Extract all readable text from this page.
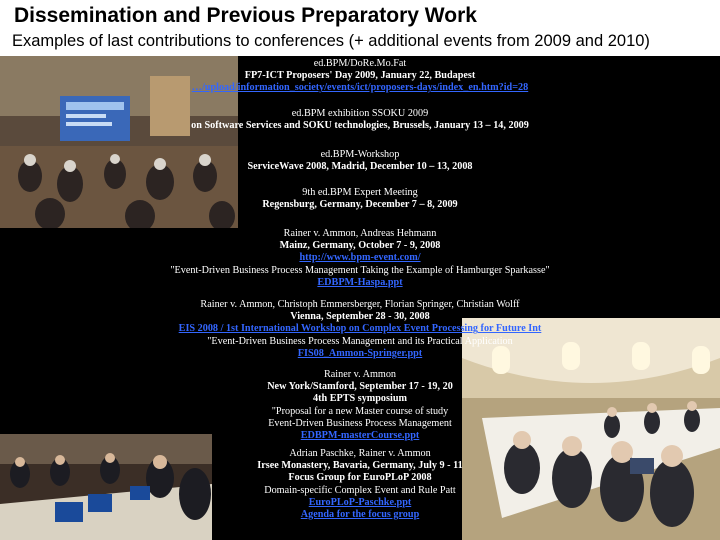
Dissemination and Previous Preparatory Work
Examples of last contributions to conferences (+ additional events from 2009 and 2010)
ed.BPM/DoRe.Mo.Fat
FP7-ICT Proposers' Day 2009, January 22, Budapest
…/upload/information_society/events/ict/proposers-days/index_en.htm?id=28
ed.BPM exhibition SSOKU 2009
on Software Services and SOKU technologies, Brussels, January 13 – 14, 2009
ed.BPM-Workshop
ServiceWave 2008, Madrid, December 10 – 13, 2008
9th ed.BPM Expert Meeting
Regensburg, Germany, December 7 – 8, 2009
Rainer v. Ammon, Andreas Hehmann
Mainz, Germany, October 7 - 9, 2008
http://www.bpm-event.com/
"Event-Driven Business Process Management Taking the Example of Hamburger Sparkasse"
EDBPM-Haspa.ppt
Rainer v. Ammon, Christoph Emmersberger, Florian Springer, Christian Wolff
Vienna, September 28 - 30, 2008
EIS 2008 / 1st International Workshop on Complex Event Processing for Future Int
"Event-Driven Business Process Management and its Practical Application
FIS08_Ammon-Springer.ppt
Rainer v. Ammon
New York/Stamford, September 17 - 19, 20
4th EPTS symposium
"Proposal for a new Master course of study
Event-Driven Business Process Management
EDBPM-masterCourse.ppt
Adrian Paschke, Rainer v. Ammon
Irsee Monastery, Bavaria, Germany, July 9 - 11
Focus Group for EuroPLoP 2008
Domain-specific Complex Event and Rule Patt
EuroPLoP-Paschke.ppt
Agenda for the focus group
